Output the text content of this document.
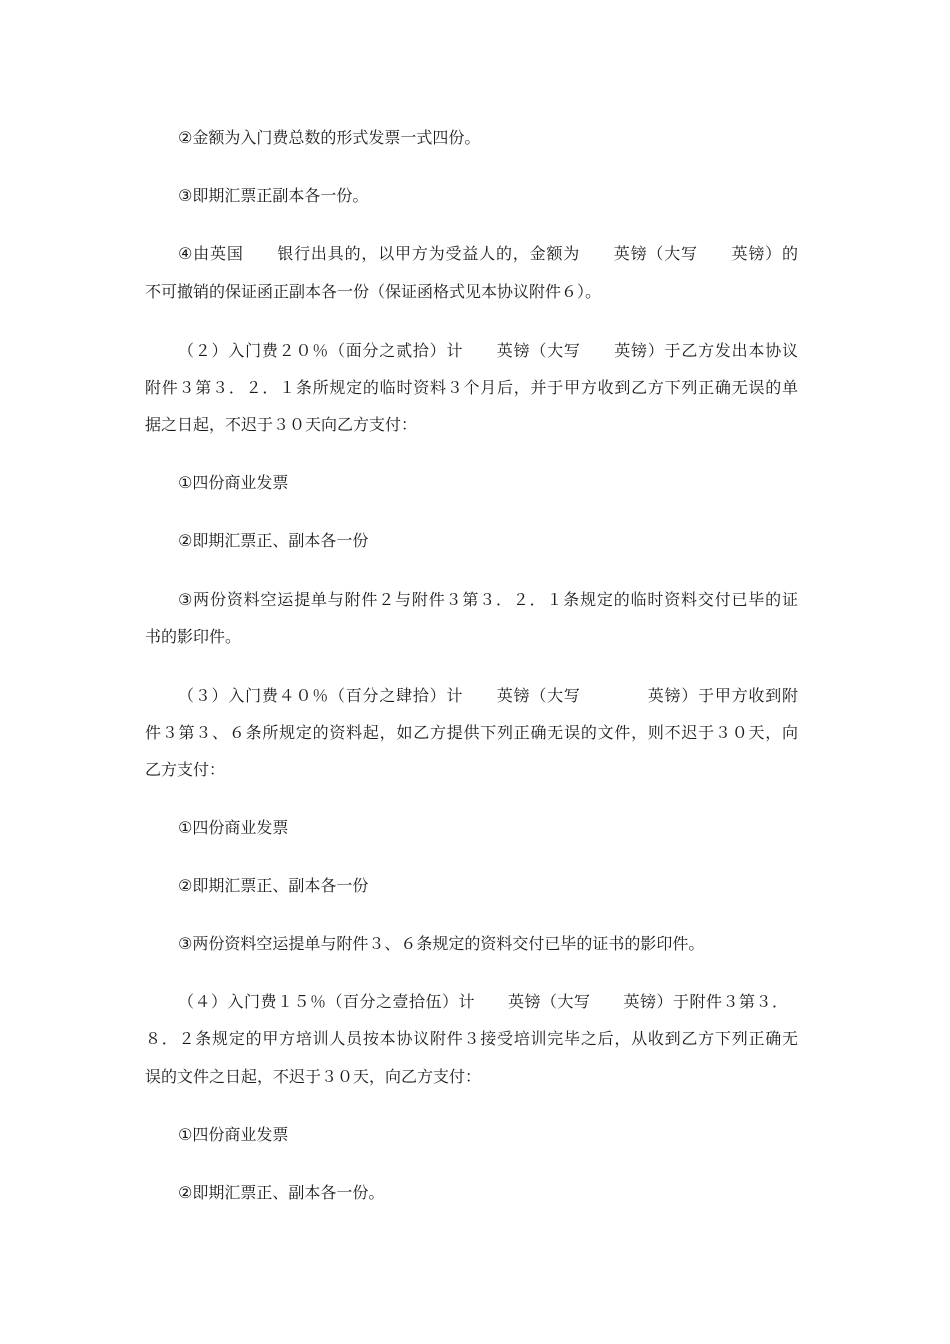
②金额为入门费总数的形式发票一式四份。
③即期汇票正副本各一份。
④由英国　　银行出具的，以甲方为受益人的，金额为　　英镑（大写　　英镑）的
不可撤销的保证函正副本各一份（保证函格式见本协议附件６）。
（２）入门费２０％（面分之贰拾）计　　英镑（大写　　英镑）于乙方发出本协议
附件３第３．２．１条所规定的临时资料３个月后，并于甲方收到乙方下列正确无误的单
据之日起，不迟于３０天向乙方支付：
①四份商业发票
②即期汇票正、副本各一份
③两份资料空运提单与附件２与附件３第３．２．１条规定的临时资料交付已毕的证
书的影印件。
（３）入门费４０％（百分之肆拾）计　　英镑（大写　　　　英镑）于甲方收到附
件３第３、６条所规定的资料起，如乙方提供下列正确无误的文件，则不迟于３０天，向
乙方支付：
①四份商业发票
②即期汇票正、副本各一份
③两份资料空运提单与附件３、６条规定的资料交付已毕的证书的影印件。
（４）入门费１５％（百分之壹拾伍）计　　英镑（大写　　英镑）于附件３第３．
８．２条规定的甲方培训人员按本协议附件３接受培训完毕之后，从收到乙方下列正确无
误的文件之日起，不迟于３０天，向乙方支付：
①四份商业发票
②即期汇票正、副本各一份。
